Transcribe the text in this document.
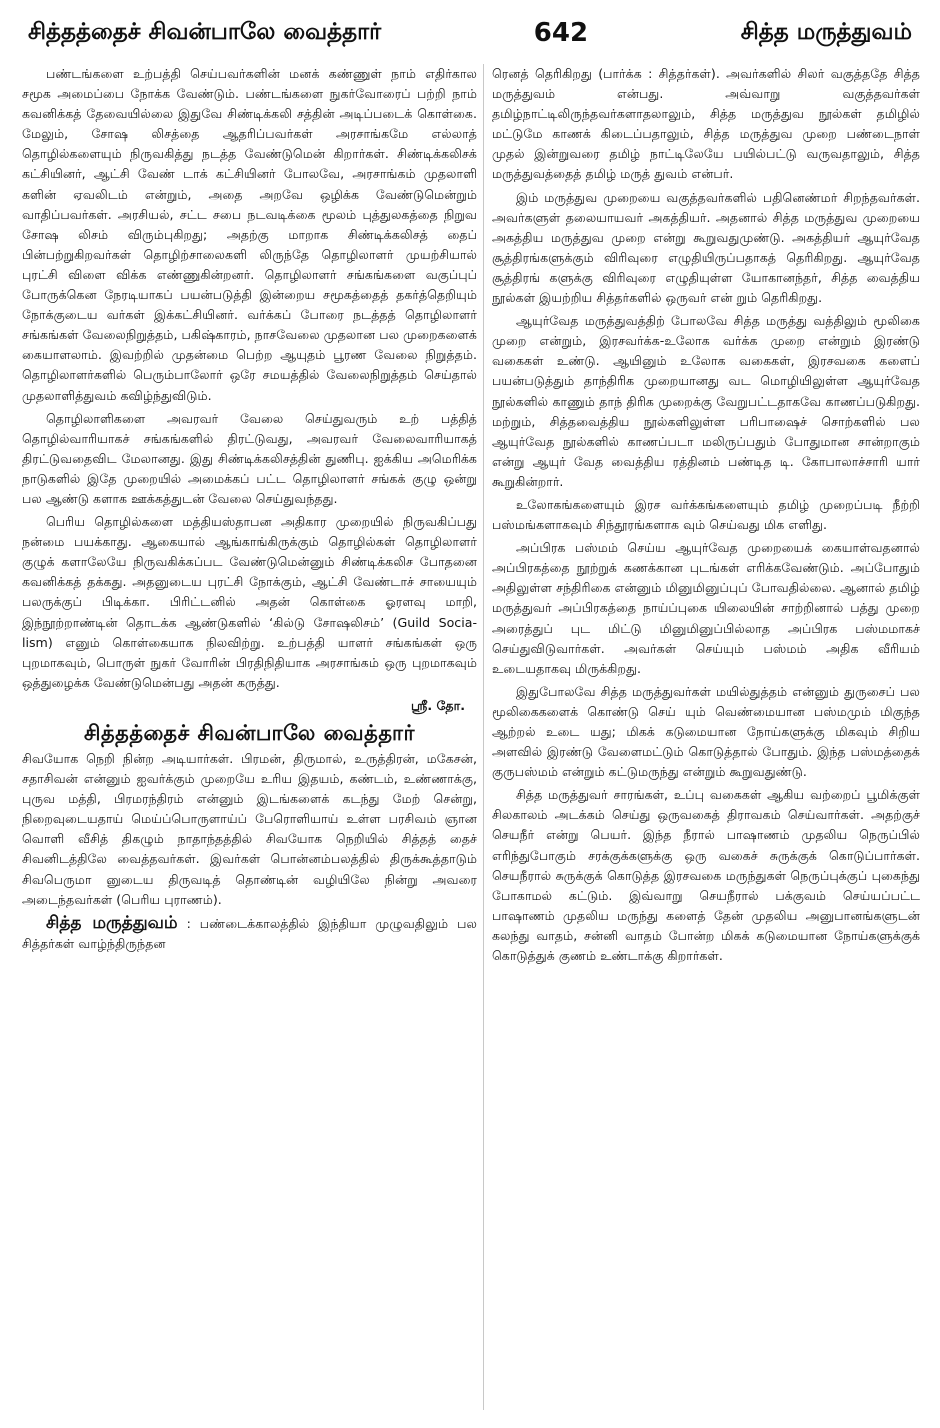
சித்தத்தைச் சிவன்பாலே வைத்தார்	642	சித்த மருத்துவம்

பண்டங்களை உற்பத்தி செய்பவர்களின் மனக் கண்ணுள் நாம் எதிர்கால சமூக அமைப்பை நோக்க வேண்டும். பண்டங்களை நுகர்வோரைப் பற்றி நாம் கவனிக்கத் தேவையில்லை இதுவே சிண்டிக்கலி சத்தின் அடிப்படைக் கொள்கை. மேலும், சோஷ லிசத்தை ஆதரிப்பவர்கள் அரசாங்கமே எல்லாத் தொழில்களையும் நிருவகித்து நடத்த வேண்டுமென் கிறார்கள். சிண்டிக்கலிசக் கட்சியினர், ஆட்சி வேண் டாக் கட்சியினர் போலவே, அரசாங்கம் முதலாளி களின் ஏவலிடம் என்றும், அதை அறவே ஒழிக்க வேண்டுமென்றும் வாதிப்பவர்கள். அரசியல், சட்ட சபை நடவடிக்கை மூலம் புத்துலகத்தை நிறுவ சோஷ லிசம் விரும்புகிறது; அதற்கு மாறாக சிண்டிக்கலிசத் தைப் பின்பற்றுகிறவர்கள் தொழிற்சாலைகளி லிருந்தே தொழிலாளர் முயற்சியால் புரட்சி விளை விக்க எண்ணுகின்றனர். தொழிலாளர் சங்கங்களை வகுப்புப் போருக்கென நேரடியாகப் பயன்படுத்தி இன்றைய சமூகத்தைத் தகர்த்தெறியும் நோக்குடைய வர்கள் இக்கட்சியினர். வர்க்கப் போரை நடத்தத் தொழிலாளர் சங்கங்கள் வேலைநிறுத்தம், பகிஷ்காரம், நாசவேலை முதலான பல முறைகளைக் கையாளலாம். இவற்றில் முதன்மை பெற்ற ஆயுதம் பூரண வேலை நிறுத்தம். தொழிலாளர்களில் பெரும்பாலோர் ஒரே சமயத்தில் வேலைநிறுத்தம் செய்தால் முதலாளித்துவம் கவிழ்ந்துவிடும்.

தொழிலாளிகளை அவரவர் வேலை செய்துவரும் உற் பத்தித் தொழில்வாரியாகச் சங்கங்களில் திரட்டுவது, அவரவர் வேலைவாரியாகத் திரட்டுவதைவிட மேலானது. இது சிண்டிக்கலிசத்தின் துணிபு. ஐக்கிய அமெரிக்க நாடுகளில் இதே முறையில் அமைக்கப் பட்ட தொழிலாளர் சங்கக் குழு ஒன்று பல ஆண்டு களாக ஊக்கத்துடன் வேலை செய்துவந்தது.

பெரிய தொழில்களை மத்தியஸ்தாபன அதிகார முறையில் நிருவகிப்பது நன்மை பயக்காது. ஆகையால் ஆங்காங்கிருக்கும் தொழில்கள் தொழிலாளர் குழுக் களாலேயே நிருவகிக்கப்பட வேண்டுமென்னும் சிண்டிக்கலிச போதனை கவனிக்கத் தக்கது. அதனுடைய புரட்சி நோக்கும், ஆட்சி வேண்டாச் சாயையும் பலருக்குப் பிடிக்கா. பிரிட்டனில் அதன் கொள்கை ஓரளவு மாறி, இந்நூற்றாண்டின் தொடக்க ஆண்டுகளில் ‘கில்டு சோஷலிசம்’ (Guild Socia-lism) எனும் கொள்கையாக நிலவிற்று. உற்பத்தி யாளர் சங்கங்கள் ஒரு புறமாகவும், பொருள் நுகர் வோரின் பிரதிநிதியாக அரசாங்கம் ஒரு புறமாகவும் ஒத்துழைக்க வேண்டுமென்பது அதன் கருத்து.

ஸ்ரீ. தோ.

சித்தத்தைச் சிவன்பாலே வைத்தார்

சிவயோக நெறி நின்ற அடியார்கள். பிரமன், திருமால், உருத்திரன், மகேசன், சதாசிவன் என்னும் ஐவர்க்கும் முறையே உரிய இதயம், கண்டம், உண்ணாக்கு, புருவ மத்தி, பிரமரந்திரம் என்னும் இடங்களைக் கடந்து மேற் சென்று, நிறைவுடையதாய் மெய்ப்பொருளாய்ப் பேரொளியாய் உள்ள பரசிவம் ஞான வொளி வீசித் திகழும் நாதாந்தத்தில் சிவயோக நெறியில் சித்தத் தைச் சிவனிடத்திலே வைத்தவர்கள். இவர்கள் பொன்னம்பலத்தில் திருக்கூத்தாடும் சிவபெருமா னுடைய திருவடித் தொண்டின் வழியிலே நின்று அவரை அடைந்தவர்கள் (பெரிய புராணம்).

சித்த மருத்துவம் : பண்டைக்காலத்தில் இந்தியா முழுவதிலும் பல சித்தர்கள் வாழ்ந்திருந்தன

ரெனத் தெரிகிறது (பார்க்க : சித்தர்கள்). அவர்களில் சிலர் வகுத்ததே சித்த மருத்துவம் என்பது. அவ்வாறு வகுத்தவர்கள் தமிழ்நாட்டிலிருந்தவர்களாதலாலும், சித்த மருத்துவ நூல்கள் தமிழில் மட்டுமே காணக் கிடைப்பதாலும், சித்த மருத்துவ முறை பண்டைநாள் முதல் இன்றுவரை தமிழ் நாட்டிலேயே பயில்பட்டு வருவதாலும், சித்த மருத்துவத்தைத் தமிழ் மருத் துவம் என்பர்.

இம் மருத்துவ முறையை வகுத்தவர்களில் பதினெண்மர் சிறந்தவர்கள். அவர்களுள் தலையாயவர் அகத்தியர். அதனால் சித்த மருத்துவ முறையை அகத்திய மருத்துவ முறை என்று கூறுவதுமுண்டு. அகத்தியர் ஆயுர்வேத சூத்திரங்களுக்கும் விரிவுரை எழுதியிருப்பதாகத் தெரிகிறது. ஆயுர்வேத சூத்திரங் களுக்கு விரிவுரை எழுதியுள்ள யோகானந்தர், சித்த வைத்திய நூல்கள் இயற்றிய சித்தர்களில் ஒருவர் என் றும் தெரிகிறது.

ஆயுர்வேத மருத்துவத்திற் போலவே சித்த மருத்து வத்திலும் மூலிகை முறை என்றும், இரசவர்க்க-உலோக வர்க்க முறை என்றும் இரண்டு வகைகள் உண்டு. ஆயினும் உலோக வகைகள், இரசவகை களைப் பயன்படுத்தும் தாந்திரிக முறையானது வட மொழியிலுள்ள ஆயுர்வேத நூல்களில் காணும் தாந் திரிக முறைக்கு வேறுபட்டதாகவே காணப்படுகிறது. மற்றும், சித்தவைத்திய நூல்களிலுள்ள பரிபாஷைச் சொற்களில் பல ஆயுர்வேத நூல்களில் காணப்படா மலிருப்பதும் போதுமான சான்றாகும் என்று ஆயுர் வேத வைத்திய ரத்தினம் பண்டித டி. கோபாலாச்சாரி யார் கூறுகின்றார்.

உலோகங்களையும் இரச வர்க்கங்களையும் தமிழ் முறைப்படி நீற்றி பஸ்மங்களாகவும் சிந்தூரங்களாக வும் செய்வது மிக எளிது.

அப்பிரக பஸ்மம் செய்ய ஆயுர்வேத முறையைக் கையாள்வதனால் அப்பிரகத்தை நூற்றுக் கணக்கான புடங்கள் எரிக்கவேண்டும். அப்போதும் அதிலுள்ள சந்திரிகை என்னும் மினுமினுப்புப் போவதில்லை. ஆனால் தமிழ் மருத்துவர் அப்பிரகத்தை நாய்ப்புகை யிலையின் சாற்றினால் பத்து முறை அரைத்துப் புட மிட்டு மினுமினுப்பில்லாத அப்பிரக பஸ்மமாகச் செய்துவிடுவார்கள். அவர்கள் செய்யும் பஸ்மம் அதிக வீரியம் உடையதாகவு மிருக்கிறது.

இதுபோலவே சித்த மருத்துவர்கள் மயில்துத்தம் என்னும் துருசைப் பல மூலிகைகளைக் கொண்டு செய் யும் வெண்மையான பஸ்மமும் மிகுந்த ஆற்றல் உடை யது; மிகக் கடுமையான நோய்களுக்கு மிகவும் சிறிய அளவில் இரண்டு வேளைமட்டும் கொடுத்தால் போதும். இந்த பஸ்மத்தைக் குருபஸ்மம் என்றும் கட்டுமருந்து என்றும் கூறுவதுண்டு.

சித்த மருத்துவர் சாரங்கள், உப்பு வகைகள் ஆகிய வற்றைப் பூமிக்குள் சிலகாலம் அடக்கம் செய்து ஒருவகைத் திராவகம் செய்வார்கள். அதற்குச் செயநீர் என்று பெயர். இந்த நீரால் பாஷாணம் முதலிய நெருப்பில் எரிந்துபோகும் சரக்குக்களுக்கு ஒரு வகைச் சுருக்குக் கொடுப்பார்கள். செயநீரால் சுருக்குக் கொடுத்த இரசவகை மருந்துகள் நெருப்புக்குப் புகைந்து போகாமல் கட்டும். இவ்வாறு செயநீரால் பக்குவம் செய்யப்பட்ட பாஷாணம் முதலிய மருந்து களைத் தேன் முதலிய அனுபானங்களுடன் கலந்து வாதம், சன்னி வாதம் போன்ற மிகக் கடுமையான நோய்களுக்குக் கொடுத்துக் குணம் உண்டாக்கு கிறார்கள்.
